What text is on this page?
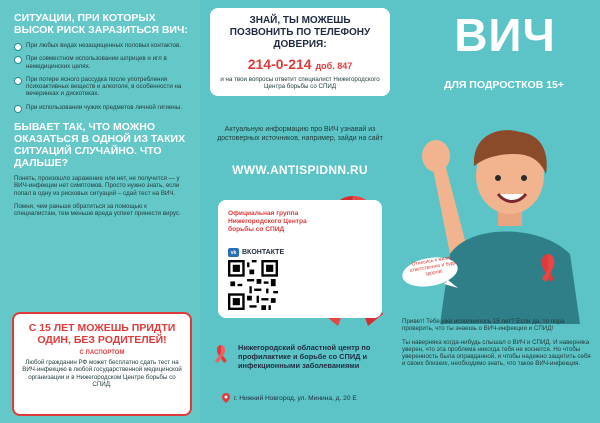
СИТУАЦИИ, ПРИ КОТОРЫХ ВЫСОК РИСК ЗАРАЗИТЬСЯ ВИЧ:
При любых видах незащищенных половых контактов.
При совместном использовании шприцев и игл в немедицинских целях.
При потере ясного рассудка после употребления психоактивных веществ и алкоголя, в особенности на вечеринках и дискотеках.
При использовании чужих предметов личной гигиены.
БЫВАЕТ ТАК, ЧТО МОЖНО ОКАЗАТЬСЯ В ОДНОЙ ИЗ ТАКИХ СИТУАЦИЙ СЛУЧАЙНО. ЧТО ДАЛЬШЕ?
Понять, произошло заражение или нет, не получится — у ВИЧ-инфекции нет симптомов. Просто нужно знать, если попал в одну из рисковых ситуаций – сдай тест на ВИЧ.
Помни, чем раньше обратиться за помощью к специалистам, тем меньше вреда успеет принести вирус.
С 15 ЛЕТ МОЖЕШЬ ПРИДТИ ОДИН, БЕЗ РОДИТЕЛЕЙ!
С ПАСПОРТОМ
Любой гражданин РФ может бесплатно сдать тест на ВИЧ-инфекцию в любой государственной медицинской организации и в Нижегородском Центре борьбы со СПИД.
ЗНАЙ, ТЫ МОЖЕШЬ ПОЗВОНИТЬ ПО ТЕЛЕФОНУ ДОВЕРИЯ:
214-0-214 доб. 847
и на твои вопросы ответит специалист Нижегородского Центра борьбы со СПИД
Актуальную информацию про ВИЧ узнавай из достоверных источников, например, зайди на сайт
WWW.ANTISPIDNN.RU
Официальная группа Нижегородского Центра борьбы со СПИД
vk ВКОНТАКТЕ
Нижегородский областной центр по профилактике и борьбе со СПИД и инфекционными заболеваниями
г. Нижний Новгород, ул. Минина, д. 20 Е
ВИЧ
ДЛЯ ПОДРОСТКОВ 15+
Отнесись к жизни ответственно и будь здоров!

Привет! Тебе уже исполнилось 15 лет? Если да, то пора проверить, что ты знаешь о ВИЧ-инфекции и СПИД!

Ты наверняка когда-нибудь слышал о ВИЧ и СПИД. И наверняка уверен, что эта проблема никогда тебя не коснется. Но чтобы уверенность была оправданной, и чтобы надежно защитить себя и своих близких, необходимо знать, что такое ВИЧ-инфекция.
